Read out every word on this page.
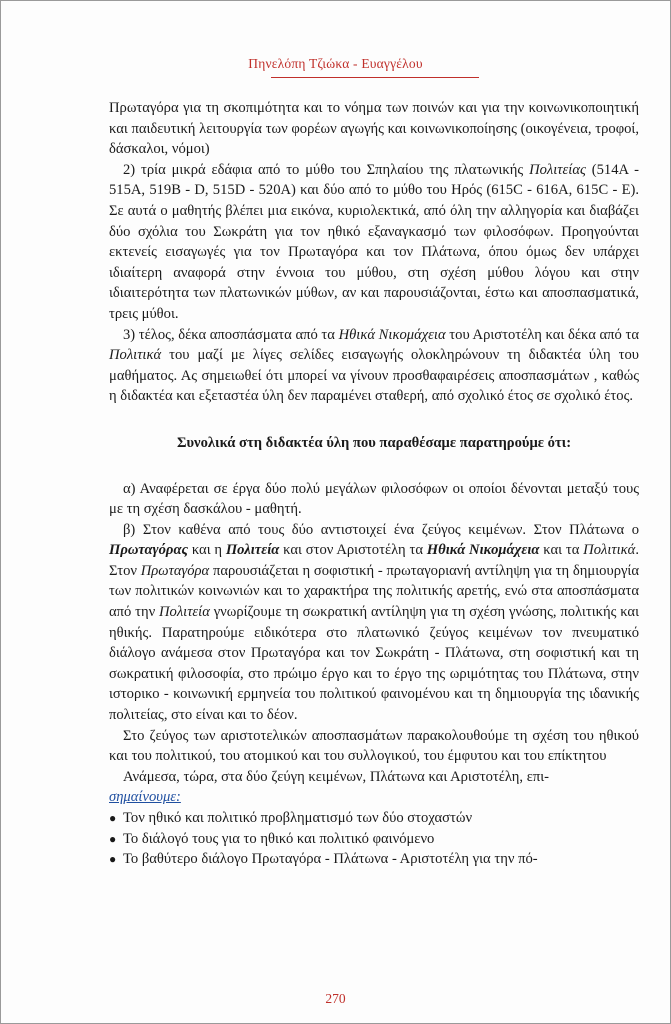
Πηνελόπη Τζιώκα - Ευαγγέλου

Πρωταγόρα για τη σκοπιμότητα και το νόημα των ποινών και για την κοινωνικοποιητική και παιδευτική λειτουργία των φορέων αγωγής και κοινωνικοποίησης (οικογένεια, τροφοί, δάσκαλοι, νόμοι)

2) τρία μικρά εδάφια από το μύθο του Σπηλαίου της πλατωνικής Πολιτείας (514Α - 515Α, 519Β - D, 515D - 520Α) και δύο από το μύθο του Ηρός (615C - 616Α, 615C - Ε). Σε αυτά ο μαθητής βλέπει μια εικόνα, κυριολεκτικά, από όλη την αλληγορία και διαβάζει δύο σχόλια του Σωκράτη για τον ηθικό εξαναγκασμό των φιλοσόφων. Προηγούνται εκτενείς εισαγωγές για τον Πρωταγόρα και τον Πλάτωνα, όπου όμως δεν υπάρχει ιδιαίτερη αναφορά στην έννοια του μύθου, στη σχέση μύθου λόγου και στην ιδιαιτερότητα των πλατωνικών μύθων, αν και παρουσιάζονται, έστω και αποσπασματικά, τρεις μύθοι.

3) τέλος, δέκα αποσπάσματα από τα Ηθικά Νικομάχεια του Αριστοτέλη και δέκα από τα Πολιτικά του μαζί με λίγες σελίδες εισαγωγής ολοκληρώνουν τη διδακτέα ύλη του μαθήματος. Ας σημειωθεί ότι μπορεί να γίνουν προσθαφαιρέσεις αποσπασμάτων , καθώς η διδακτέα και εξεταστέα ύλη δεν παραμένει σταθερή, από σχολικό έτος σε σχολικό έτος.

Συνολικά στη διδακτέα ύλη που παραθέσαμε παρατηρούμε ότι:

α) Αναφέρεται σε έργα δύο πολύ μεγάλων φιλοσόφων οι οποίοι δένονται μεταξύ τους με τη σχέση δασκάλου - μαθητή.

β) Στον καθένα από τους δύο αντιστοιχεί ένα ζεύγος κειμένων. Στον Πλάτωνα ο Πρωταγόρας και η Πολιτεία και στον Αριστοτέλη τα Ηθικά Νικομάχεια και τα Πολιτικά. Στον Πρωταγόρα παρουσιάζεται η σοφιστική - πρωταγοριανή αντίληψη για τη δημιουργία των πολιτικών κοινωνιών και το χαρακτήρα της πολιτικής αρετής, ενώ στα αποσπάσματα από την Πολιτεία γνωρίζουμε τη σωκρατική αντίληψη για τη σχέση γνώσης, πολιτικής και ηθικής. Παρατηρούμε ειδικότερα στο πλατωνικό ζεύγος κειμένων τον πνευματικό διάλογο ανάμεσα στον Πρωταγόρα και τον Σωκράτη - Πλάτωνα, στη σοφιστική και τη σωκρατική φιλοσοφία, στο πρώιμο έργο και το έργο της ωριμότητας του Πλάτωνα, στην ιστορικο - κοινωνική ερμηνεία του πολιτικού φαινομένου και τη δημιουργία της ιδανικής πολιτείας, στο είναι και το δέον.

Στο ζεύγος των αριστοτελικών αποσπασμάτων παρακολουθούμε τη σχέση του ηθικού και του πολιτικού, του ατομικού και του συλλογικού, του έμφυτου και του επίκτητου

Ανάμεσα, τώρα, στα δύο ζεύγη κειμένων, Πλάτωνα και Αριστοτέλη, επι-
σημαίνουμε:

● Τον ηθικό και πολιτικό προβληματισμό των δύο στοχαστών
● Το διάλογό τους για το ηθικό και πολιτικό φαινόμενο
● Το βαθύτερο διάλογο Πρωταγόρα - Πλάτωνα - Αριστοτέλη για την πό-
270
